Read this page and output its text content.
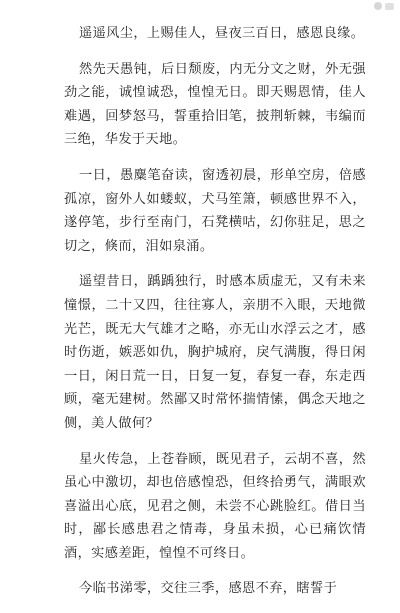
遥遥风尘，上赐佳人，昼夜三百日，感恩良缘。

然先天愚钝，后日颓废，内无分文之财，外无强劲之能，诚惶诚恐，惶惶无日。即天赐恩情，佳人难遇，回梦怒马，誓重拾旧笔，披荆斩棘，韦编而三绝，华发于天地。

一日，愚麋笔奋读，窗透初晨，形单空房，倍感孤凉，窗外人如蝼蚁，犬马笙箫，顿感世界不入，遂停笔，步行至南门，石凳横咕，幻你驻足，思之切之，倏而，泪如泉涌。

遥望昔日，踽踽独行，时感本质虚无，又有未来憧憬，二十又四，往往寡人，亲朋不入眼，天地微光芒，既无大气雄才之略，亦无山水浮云之才，感时伤逝，嫉恶如仇，胸护城府，戾气满腹，得日闲一日，闲日荒一日，日复一复，春复一春，东走西顾，毫无建树。然鄙又时常怀揣情愫，偶念天地之侧，美人做何？

星火传急，上苍眷顾，既见君子，云胡不喜，然虽心中激切，却也倍感惶恐，但终拾勇气，满眼欢喜溢出心底，见君之侧，未尝不心跳脸红。借日当时，鄙长感患君之情毒，身虽未损，心已痛饮情酒，实感差距，惶惶不可终日。

今临书涕零，交往三季，感恩不弃，瞎誓于
